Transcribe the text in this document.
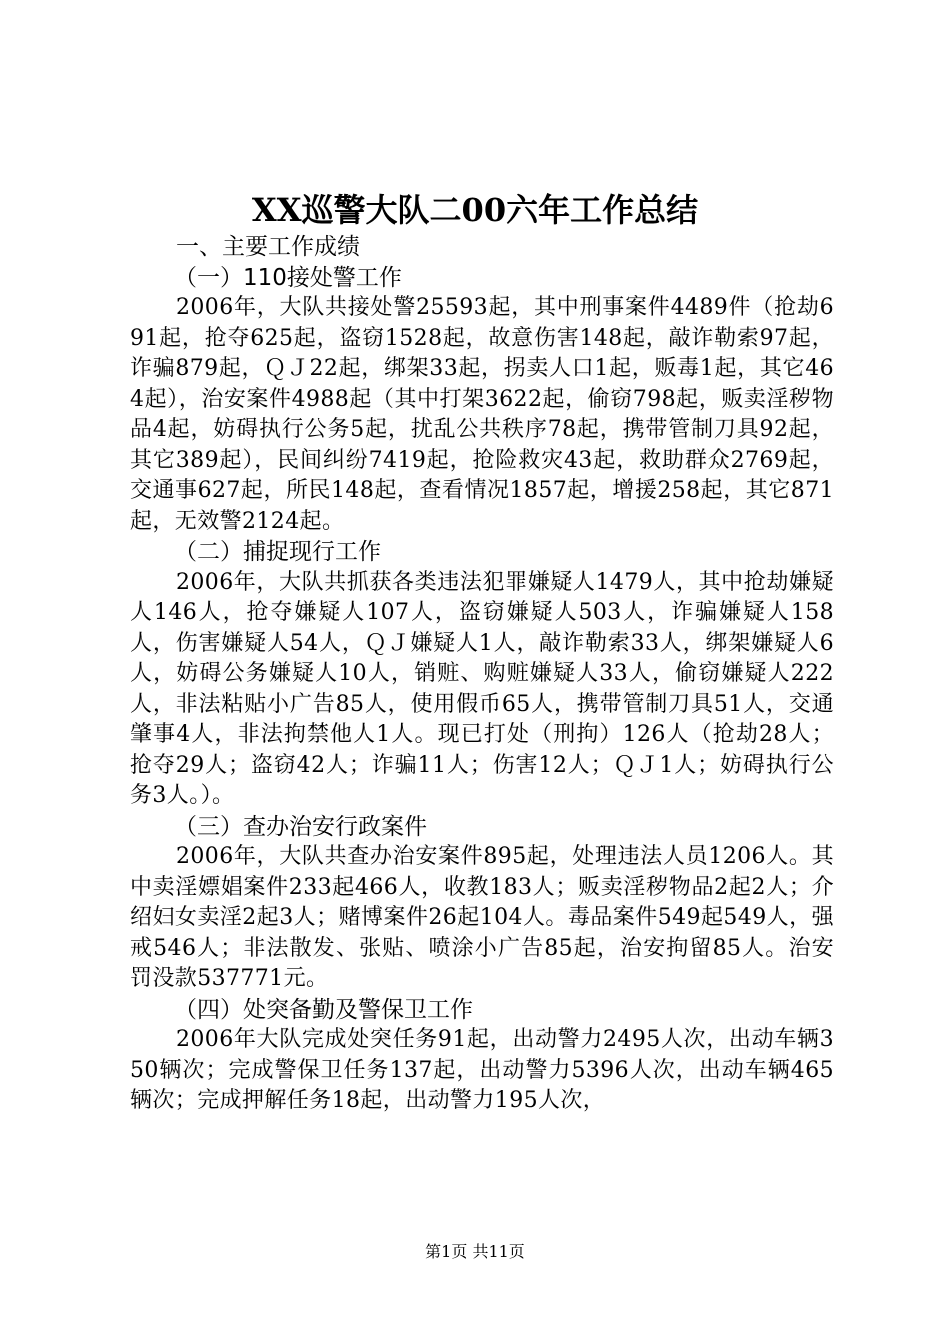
XX巡警大队二00六年工作总结

一、主要工作成绩

（一）110接处警工作

2006年，大队共接处警25593起，其中刑事案件4489件（抢劫691起，抢夺625起，盗窃1528起，故意伤害148起，敲诈勒索97起，诈骗879起，ＱＪ22起，绑架33起，拐卖人口1起，贩毒1起，其它464起），治安案件4988起（其中打架3622起，偷窃798起，贩卖淫秽物品4起，妨碍执行公务5起，扰乱公共秩序78起，携带管制刀具92起，其它389起），民间纠纷7419起，抢险救灾43起，救助群众2769起，交通事627起，所民148起，查看情况1857起，增援258起，其它871起，无效警2124起。

（二）捕捉现行工作

2006年，大队共抓获各类违法犯罪嫌疑人1479人，其中抢劫嫌疑人146人，抢夺嫌疑人107人，盗窃嫌疑人503人，诈骗嫌疑人158人，伤害嫌疑人54人，ＱＪ嫌疑人1人，敲诈勒索33人，绑架嫌疑人6人，妨碍公务嫌疑人10人，销赃、购赃嫌疑人33人，偷窃嫌疑人222人，非法粘贴小广告85人，使用假币65人，携带管制刀具51人，交通肇事4人，非法拘禁他人1人。现已打处（刑拘）126人（抢劫28人；抢夺29人；盗窃42人；诈骗11人；伤害12人；ＱＪ1人；妨碍执行公务3人。）。

（三）查办治安行政案件

2006年，大队共查办治安案件895起，处理违法人员1206人。其中卖淫嫖娼案件233起466人，收教183人；贩卖淫秽物品2起2人；介绍妇女卖淫2起3人；赌博案件26起104人。毒品案件549起549人，强戒546人；非法散发、张贴、喷涂小广告85起，治安拘留85人。治安罚没款537771元。

（四）处突备勤及警保卫工作

2006年大队完成处突任务91起，出动警力2495人次，出动车辆350辆次；完成警保卫任务137起，出动警力5396人次，出动车辆465辆次；完成押解任务18起，出动警力195人次，

第1页 共11页
